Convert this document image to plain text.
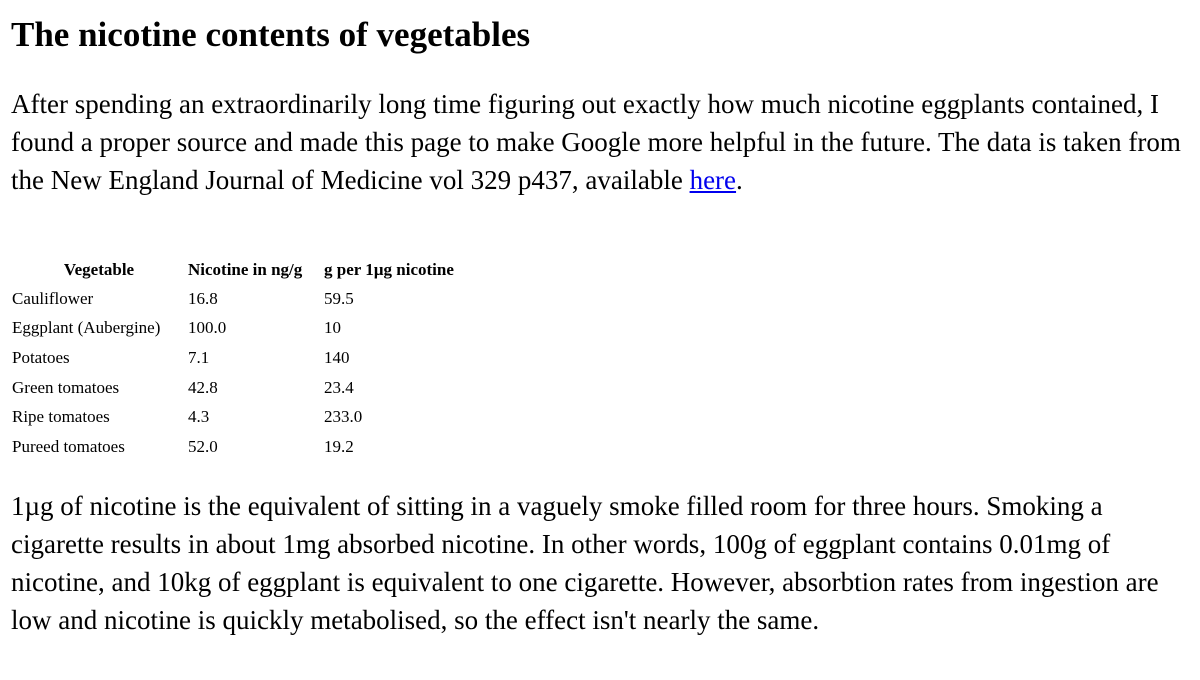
The nicotine contents of vegetables

After spending an extraordinarily long time figuring out exactly how much nicotine eggplants contained, I found a proper source and made this page to make Google more helpful in the future. The data is taken from the New England Journal of Medicine vol 329 p437, available here.

Vegetable	Nicotine in ng/g	g per 1µg nicotine
Cauliflower	16.8	59.5
Eggplant (Aubergine)	100.0	10
Potatoes	7.1	140
Green tomatoes	42.8	23.4
Ripe tomatoes	4.3	233.0
Pureed tomatoes	52.0	19.2

1µg of nicotine is the equivalent of sitting in a vaguely smoke filled room for three hours. Smoking a cigarette results in about 1mg absorbed nicotine. In other words, 100g of eggplant contains 0.01mg of nicotine, and 10kg of eggplant is equivalent to one cigarette. However, absorbtion rates from ingestion are low and nicotine is quickly metabolised, so the effect isn't nearly the same.
